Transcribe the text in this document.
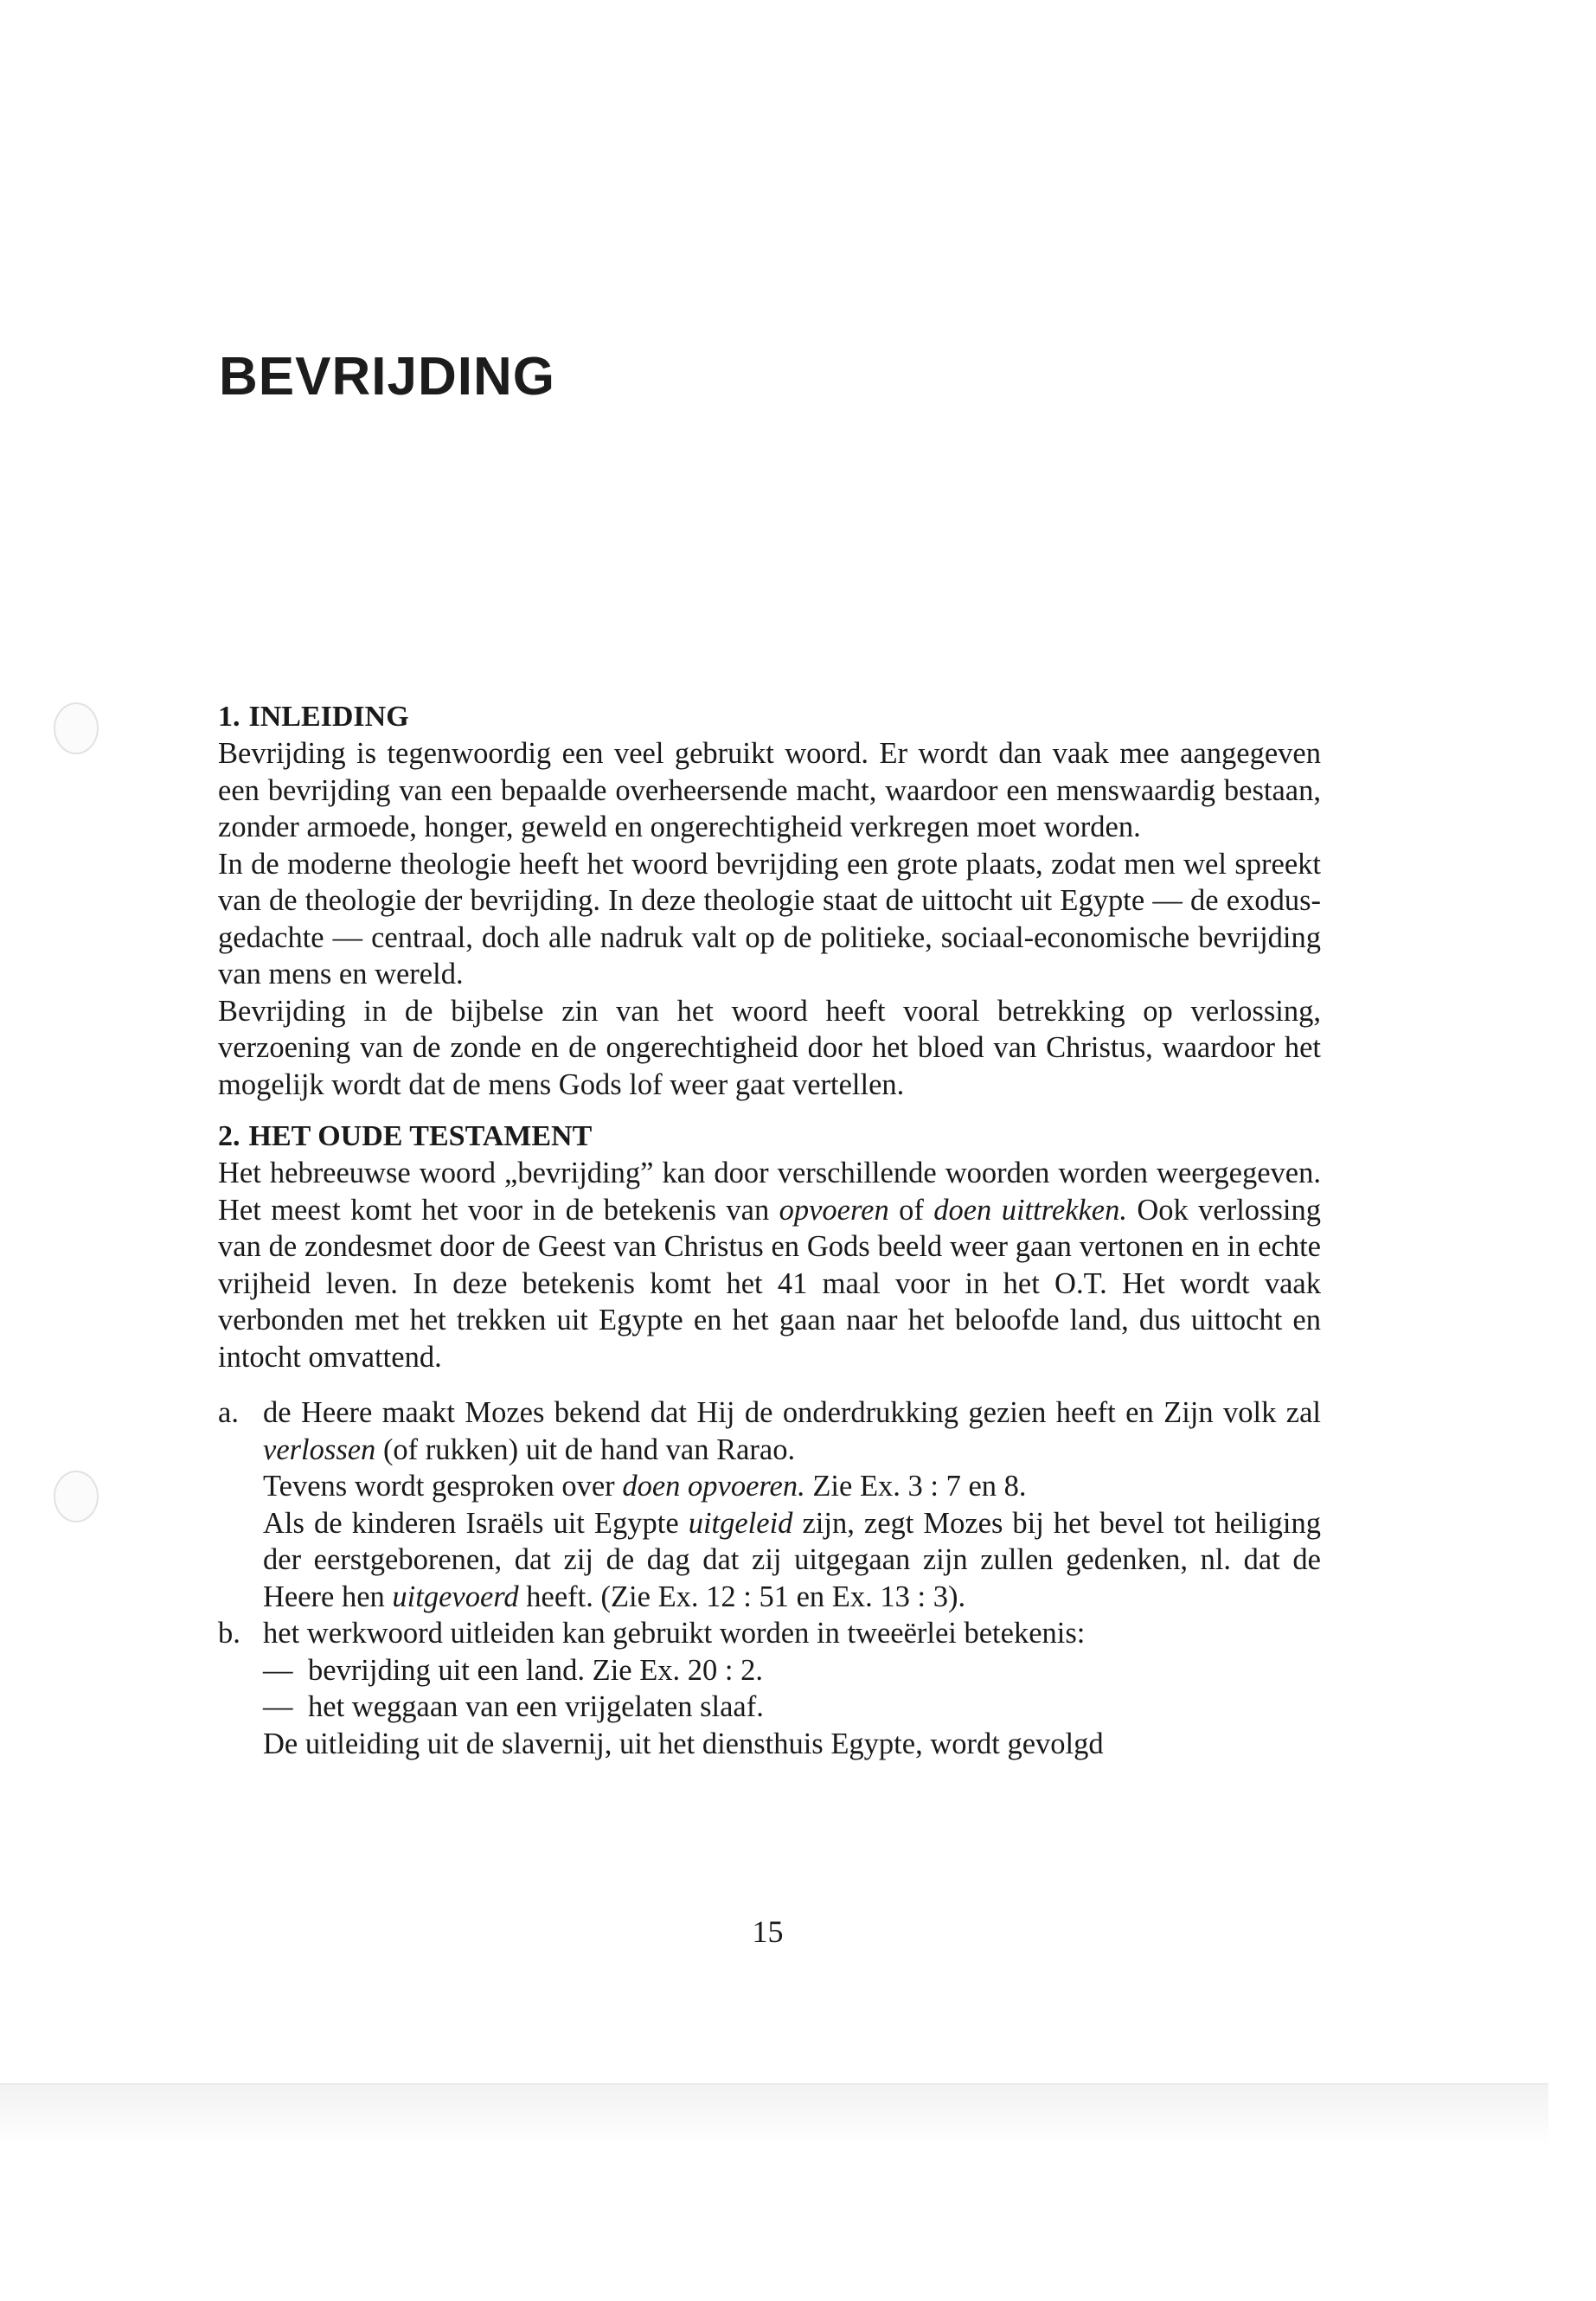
BEVRIJDING
1. INLEIDING

Bevrijding is tegenwoordig een veel gebruikt woord. Er wordt dan vaak mee aangegeven een bevrijding van een bepaalde overheersende macht, waardoor een menswaardig bestaan, zonder armoede, honger, geweld en ongerechtigheid verkregen moet worden.

In de moderne theologie heeft het woord bevrijding een grote plaats, zodat men wel spreekt van de theologie der bevrijding. In deze theologie staat de uittocht uit Egypte — de exodus-gedachte — centraal, doch alle nadruk valt op de politieke, sociaal-economische bevrijding van mens en wereld.

Bevrijding in de bijbelse zin van het woord heeft vooral betrekking op verlossing, verzoening van de zonde en de ongerechtigheid door het bloed van Christus, waardoor het mogelijk wordt dat de mens Gods lof weer gaat vertellen.

2. HET OUDE TESTAMENT

Het hebreeuwse woord „bevrijding” kan door verschillende woorden worden weergegeven. Het meest komt het voor in de betekenis van opvoeren of doen uittrekken. Ook verlossing van de zondesmet door de Geest van Christus en Gods beeld weer gaan vertonen en in echte vrijheid leven. In deze betekenis komt het 41 maal voor in het O.T. Het wordt vaak verbonden met het trekken uit Egypte en het gaan naar het beloofde land, dus uittocht en intocht omvattend.

a. de Heere maakt Mozes bekend dat Hij de onderdrukking gezien heeft en Zijn volk zal verlossen (of rukken) uit de hand van Rarao.

Tevens wordt gesproken over doen opvoeren. Zie Ex. 3 : 7 en 8.

Als de kinderen Israëls uit Egypte uitgeleid zijn, zegt Mozes bij het bevel tot heiliging der eerstgeborenen, dat zij de dag dat zij uitgegaan zijn zullen gedenken, nl. dat de Heere hen uitgevoerd heeft. (Zie Ex. 12 : 51 en Ex. 13 : 3).

b. het werkwoord uitleiden kan gebruikt worden in tweeërlei betekenis:

— bevrijding uit een land. Zie Ex. 20 : 2.
— het weggaan van een vrijgelaten slaaf.

De uitleiding uit de slavernij, uit het diensthuis Egypte, wordt gevolgd

15
